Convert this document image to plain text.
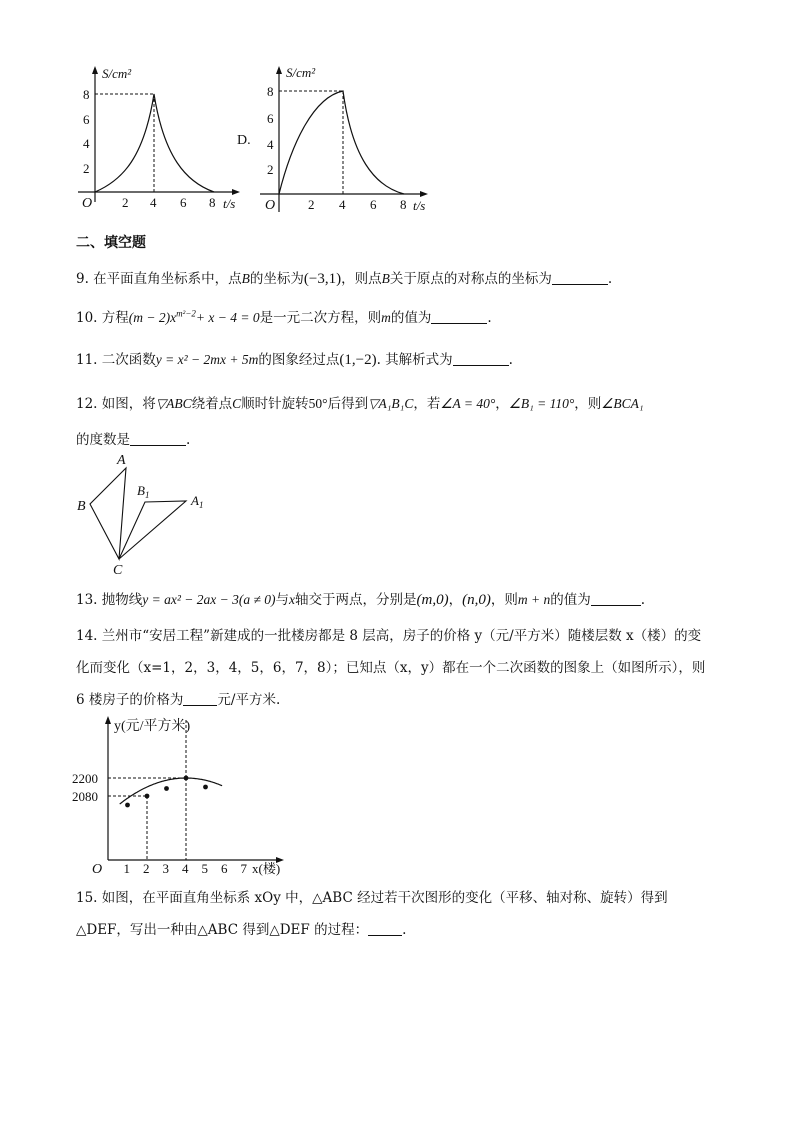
S/cm²
t/s
O 2 4 6 8
2
4
6
8
D.
S/cm²
t/s
O	2 4 6 8
2
4
6
8
二、填空题
9. 在平面直角坐标系中，点B的坐标为(−3,1)，则点B关于原点的对称点的坐标为	.
10. 方程$(m - 2)x^{m^2-2}+ x - 4 = 0$是一元二次方程，则m的值为	.
11. 二次函数y = x² − 2mx + 5m的图象经过点(1,−2). 其解析式为	.
12. 如图，将▽ABC绕着点C顺时针旋转50°后得到▽A₁B₁C，若∠A = 40°，∠B₁ = 110°，则∠BCA₁
的度数是	.
A
B
C
$B_1$	$A_1$
13. 抛物线y = ax² − 2ax − 3(a ≠ 0)与x轴交于两点，分别是(m,0)，(n,0)，则m + n的值为	.
14. 兰州市“安居工程”新建成的一批楼房都是 8 层高，房子的价格 y（元/平方米）随楼层数 x（楼）的变
化而变化（x=1，2，3，4，5，6，7，8）；已知点（x，y）都在一个二次函数的图象上（如图所示），则
6 楼房子的价格为	元/平方米.
y(元/平方米)
x(楼)
O 1 2 3 4 5 6 7
2080
2200
15. 如图，在平面直角坐标系 xOy 中，△ABC 经过若干次图形的变化（平移、轴对称、旋转）得到
△DEF，写出一种由△ABC 得到△DEF 的过程：	.
